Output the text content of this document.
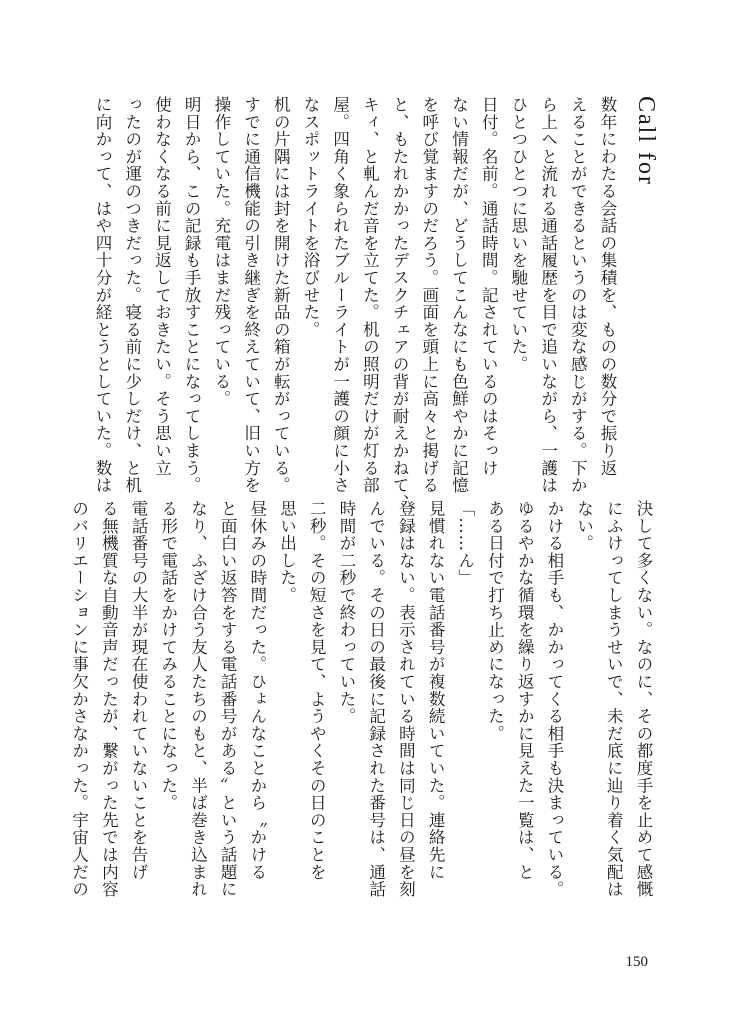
Call for

数年にわたる会話の集積を、ものの数分で振り返

えることができるというのは変な感じがする。下か

ら上へと流れる通話履歴を目で追いながら、一護は

ひとつひとつに思いを馳せていた。

日付。名前。通話時間。記されているのはそっけ

ない情報だが、どうしてこんなにも色鮮やかに記憶

を呼び覚ますのだろう。画面を頭上に高々と掲げる

と、もたれかかったデスクチェアの背が耐えかねて、

キィ、と軋んだ音を立てた。机の照明だけが灯る部

屋。四角く象られたブルーライトが一護の顔に小さ

なスポットライトを浴びせた。

机の片隅には封を開けた新品の箱が転がっている。

すでに通信機能の引き継ぎを終えていて、旧い方を

操作していた。充電はまだ残っている。

明日から、この記録も手放すことになってしまう。

使わなくなる前に見返しておきたい。そう思い立

ったのが運のつきだった。寝る前に少しだけ、と机

に向かって、はや四十分が経とうとしていた。数は

決して多くない。なのに、その都度手を止めて感慨

にふけってしまうせいで、未だ底に辿り着く気配は

ない。

かける相手も、かかってくる相手も決まっている。

ゆるやかな循環を繰り返すかに見えた一覧は、と

ある日付で打ち止めになった。

「……ん」

見慣れない電話番号が複数続いていた。連絡先に

登録はない。表示されている時間は同じ日の昼を刻

んでいる。その日の最後に記録された番号は、通話

時間が二秒で終わっていた。

二秒。その短さを見て、ようやくその日のことを

思い出した。

昼休みの時間だった。ひょんなことから〝かける

と面白い返答をする電話番号がある〟という話題に

なり、ふざけ合う友人たちのもと、半ば巻き込まれ

る形で電話をかけてみることになった。

電話番号の大半が現在使われていないことを告げ

る無機質な自動音声だったが、繋がった先では内容

のバリエーションに事欠かさなかった。宇宙人だの

150
